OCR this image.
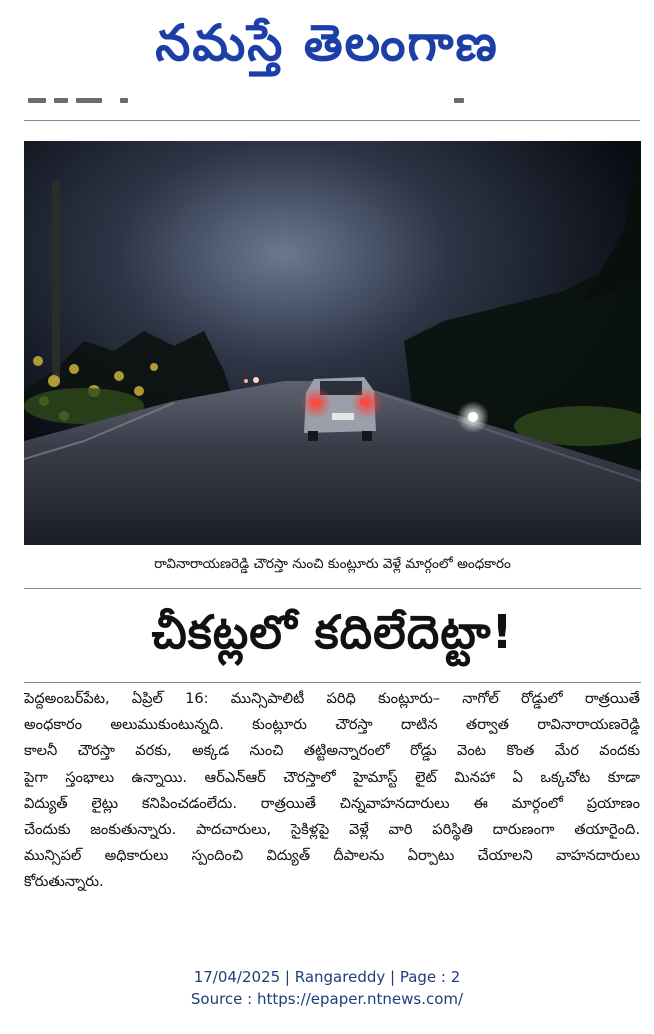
నమస్తే తెలంగాణ
రావినారాయణరెడ్డి చౌరస్తా నుంచి కుంట్లూరు వెళ్లే మార్గంలో అంధకారం
చీకట్లలో కదిలేదెట్టా!
పెద్దఅంబర్‌పేట, ఏప్రిల్ 16: మున్సిపాలిటీ పరిధి కుంట్లూరు– నాగోల్ రోడ్డులో రాత్రయితే
అంధకారం అలుముకుంటున్నది. కుంట్లూరు చౌరస్తా దాటిన తర్వాత రావినారాయణరెడ్డి
కాలనీ చౌరస్తా వరకు, అక్కడ నుంచి తట్టిఅన్నారంలో రోడ్డు వెంట కొంత మేర వందకు
పైగా స్తంభాలు ఉన్నాయి. ఆర్ఎన్ఆర్ చౌరస్తాలో హైమాస్ట్ లైట్ మినహా ఏ ఒక్కచోట కూడా
విద్యుత్ లైట్లు కనిపించడంలేదు. రాత్రయితే చిన్నవాహనదారులు ఈ మార్గంలో ప్రయాణం
చేందుకు జంకుతున్నారు. పాదచారులు, సైకిళ్లపై వెళ్లే వారి పరిస్థితి దారుణంగా తయారైంది.
మున్సిపల్ అధికారులు స్పందించి విద్యుత్ దీపాలను ఏర్పాటు చేయాలని వాహనదారులు
కోరుతున్నారు.
17/04/2025 | Rangareddy | Page : 2
Source : https://epaper.ntnews.com/
